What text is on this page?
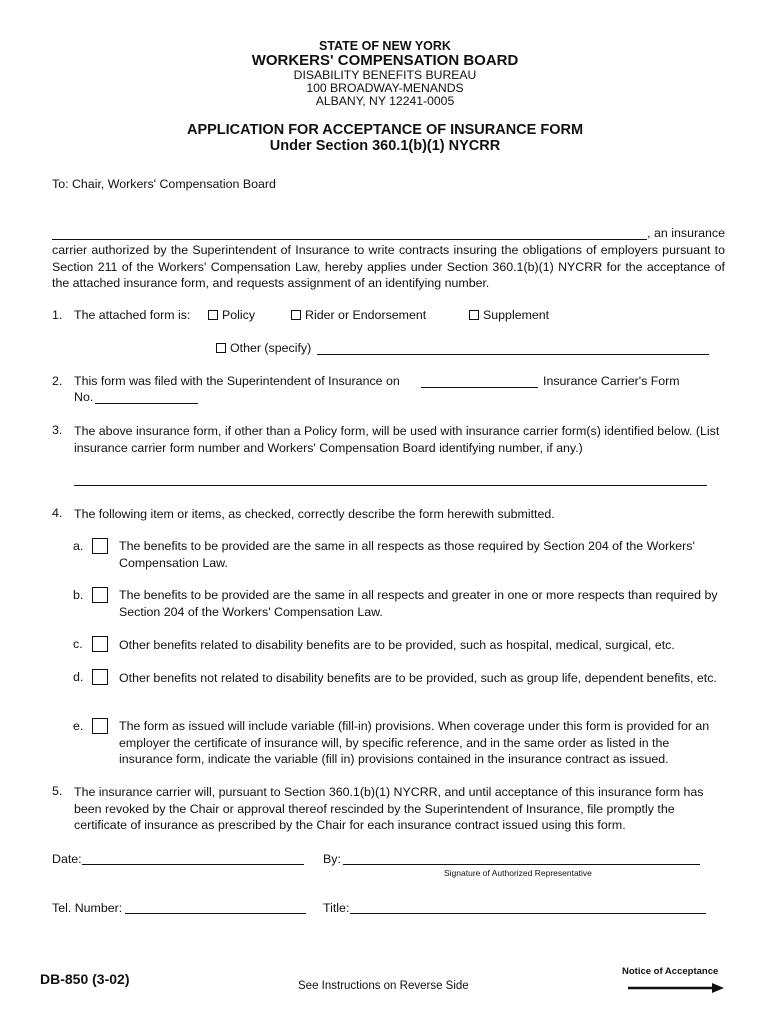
STATE OF NEW YORK
WORKERS' COMPENSATION BOARD
DISABILITY BENEFITS BUREAU
100 BROADWAY-MENANDS
ALBANY, NY 12241-0005
APPLICATION FOR ACCEPTANCE OF INSURANCE FORM
Under Section 360.1(b)(1) NYCRR
To: Chair, Workers' Compensation Board
, an insurance
carrier authorized by the Superintendent of Insurance to write contracts insuring the obligations of employers pursuant to Section 211 of the Workers' Compensation Law, hereby applies under Section 360.1(b)(1) NYCRR for the acceptance of the attached insurance form, and requests assignment of an identifying number.
1. The attached form is:	Policy	Rider or Endorsement	Supplement
Other (specify)
2. This form was filed with the Superintendent of Insurance on	Insurance Carrier's Form
No.
3. The above insurance form, if other than a Policy form, will be used with insurance carrier form(s) identified below. (List insurance carrier form number and Workers' Compensation Board identifying number, if any.)
4. The following item or items, as checked, correctly describe the form herewith submitted.
a.	The benefits to be provided are the same in all respects as those required by Section 204 of the Workers' Compensation Law.
b.	The benefits to be provided are the same in all respects and greater in one or more respects than required by Section 204 of the Workers' Compensation Law.
c.	Other benefits related to disability benefits are to be provided, such as hospital, medical, surgical, etc.
d.	Other benefits not related to disability benefits are to be provided, such as group life, dependent benefits, etc.
e.	The form as issued will include variable (fill-in) provisions. When coverage under this form is provided for an employer the certificate of insurance will, by specific reference, and in the same order as listed in the insurance form, indicate the variable (fill in) provisions contained in the insurance contract as issued.
5. The insurance carrier will, pursuant to Section 360.1(b)(1) NYCRR, and until acceptance of this insurance form has been revoked by the Chair or approval thereof rescinded by the Superintendent of Insurance, file promptly the certificate of insurance as prescribed by the Chair for each insurance contract issued using this form.
Date:	By:
Signature of Authorized Representative
Tel. Number:	Title:
DB-850 (3-02)	See Instructions on Reverse Side
Notice of Acceptance
